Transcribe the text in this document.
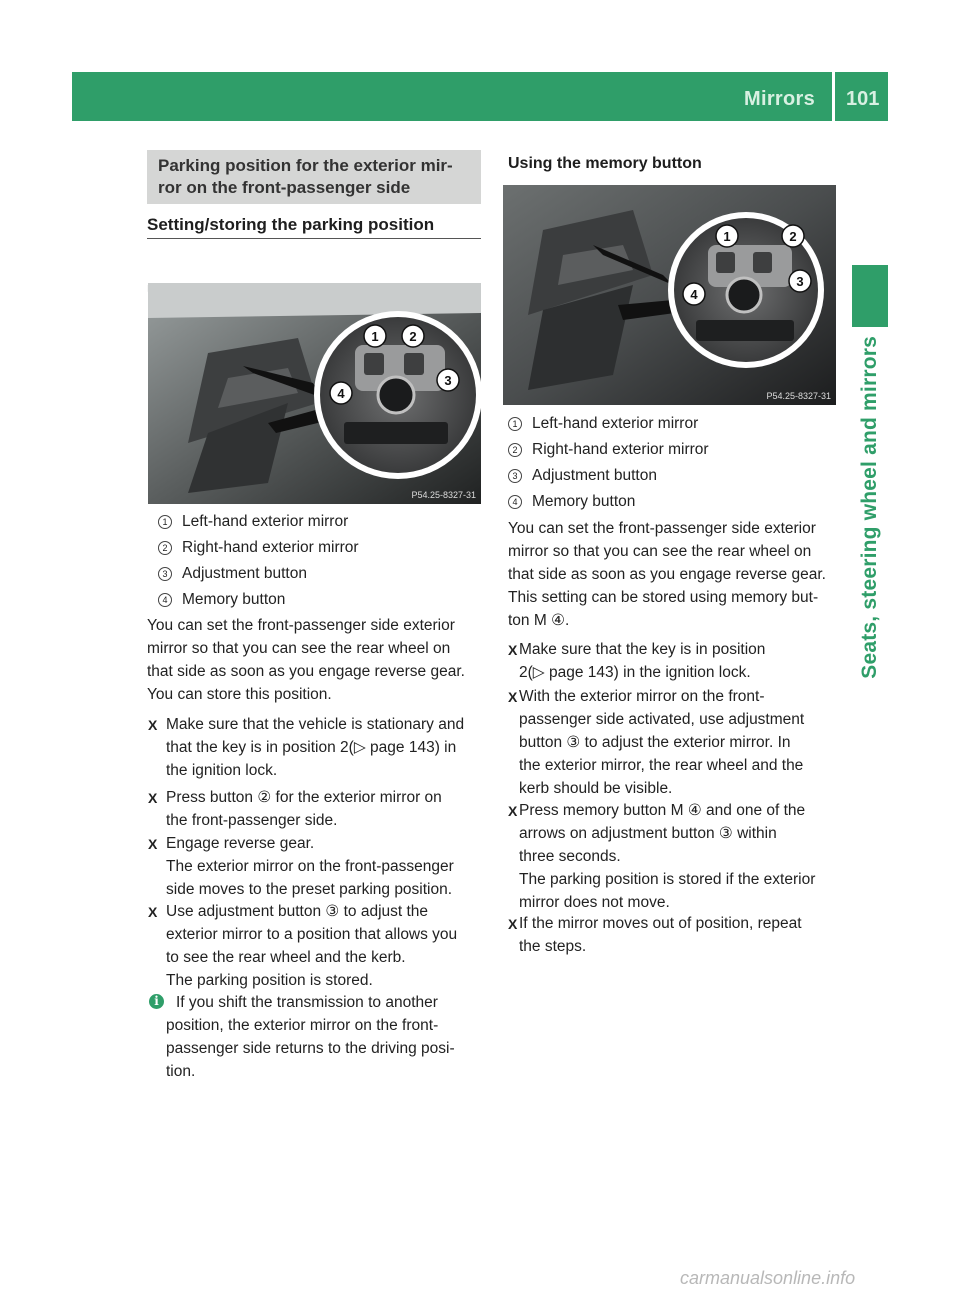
Mirrors 101
Seats, steering wheel and mirrors
Parking position for the exterior mir-
ror on the front-passenger side
Setting/storing the parking position
1 2
3
4
P54.25-8327-31
1 Left-hand exterior mirror
2 Right-hand exterior mirror
3 Adjustment button
4 Memory button
You can set the front-passenger side exterior
mirror so that you can see the rear wheel on
that side as soon as you engage reverse gear.
You can store this position.
X Make sure that the vehicle is stationary and
that the key is in position 2(▷ page 143) in
the ignition lock.
X Press button ② for the exterior mirror on
the front-passenger side.
X Engage reverse gear.
The exterior mirror on the front-passenger
side moves to the preset parking position.
X Use adjustment button ③ to adjust the
exterior mirror to a position that allows you
to see the rear wheel and the kerb.
The parking position is stored.
i	If you shift the transmission to another
position, the exterior mirror on the front-
passenger side returns to the driving posi-
tion.
Using the memory button
1	2
3
4
P54.25-8327-31
1 Left-hand exterior mirror
2 Right-hand exterior mirror
3 Adjustment button
4 Memory button
You can set the front-passenger side exterior
mirror so that you can see the rear wheel on
that side as soon as you engage reverse gear.
This setting can be stored using memory but-
ton M ④.
X Make sure that the key is in position
2(▷ page 143) in the ignition lock.
X With the exterior mirror on the front-
passenger side activated, use adjustment
button ③ to adjust the exterior mirror. In
the exterior mirror, the rear wheel and the
kerb should be visible.
X Press memory button M ④ and one of the
arrows on adjustment button ③ within
three seconds.
The parking position is stored if the exterior
mirror does not move.
X If the mirror moves out of position, repeat
the steps.
carmanualsonline.info
